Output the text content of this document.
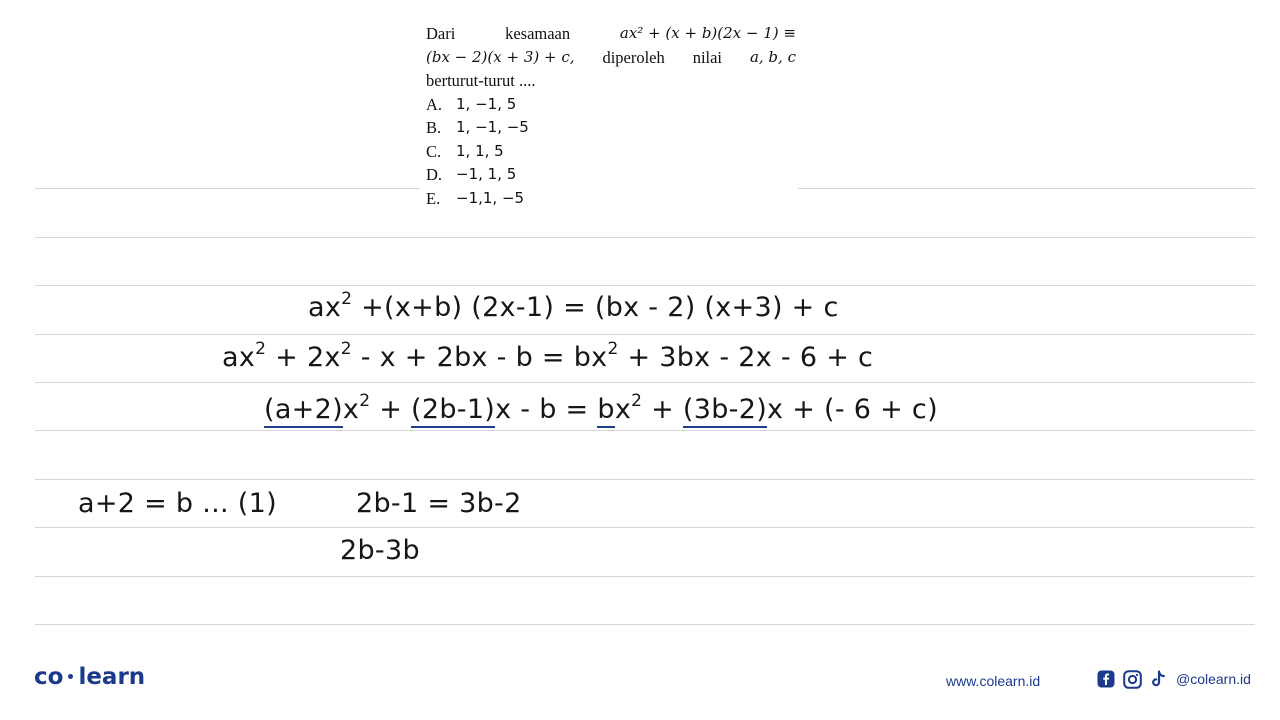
Dari	kesamaan	ax² + (x + b)(2x − 1) ≡
(bx − 2)(x + 3) + c, diperoleh nilai a, b, c
berturut-turut ....
A. 1, −1, 5
B. 1, −1, −5
C. 1, 1, 5
D. −1, 1, 5
E.	−1,1, −5
$ax^2 +(x+b) (2x-1) = (bx - 2) (x+3) + c$
$ax^2 + 2x^2 - x + 2bx - b = bx^2 + 3bx - 2x - 6 + c$
$(a+2)x^2 + (2b-1)x - b = bx^2 + (3b-2)x$ + (- 6 + c)
a+2 = b ... (1)	2b-1 = 3b-2
2b-3b
co learn	www.colearn.id	@colearn.id
